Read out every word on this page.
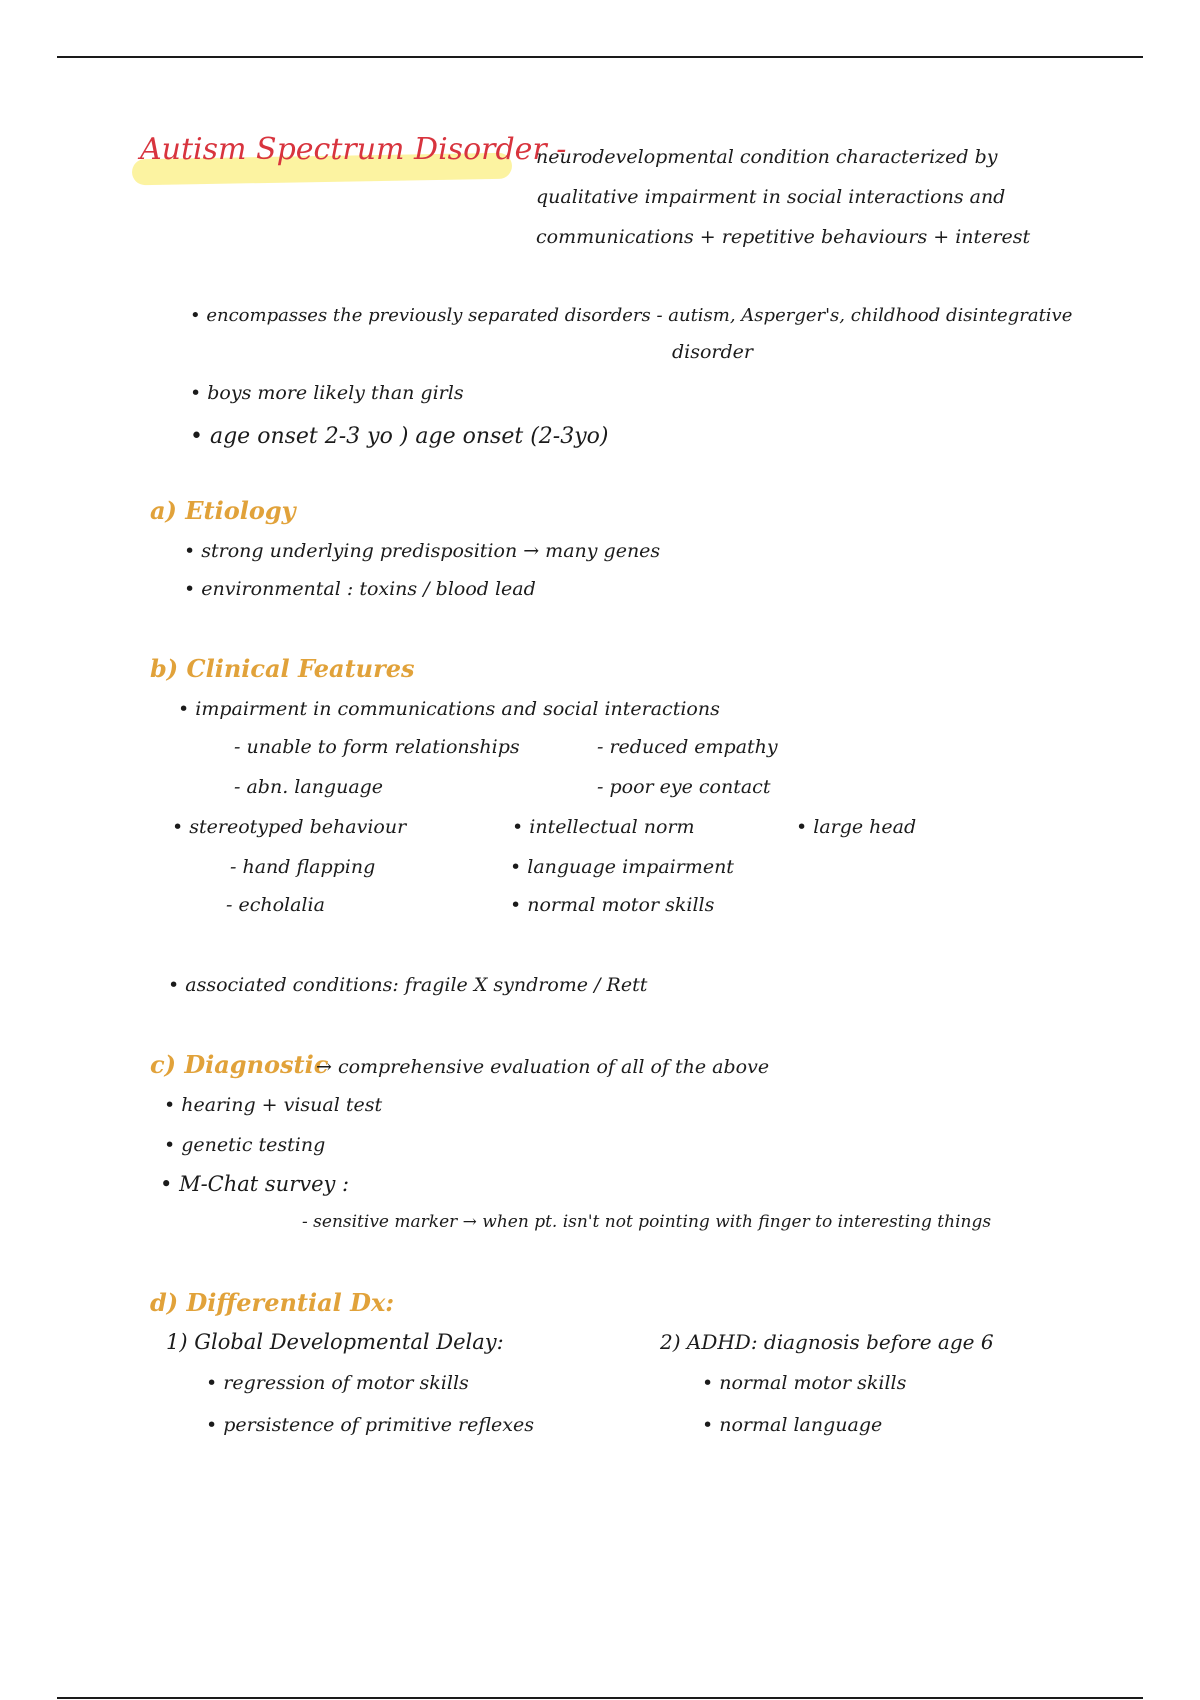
Autism Spectrum Disorder -
neurodevelopmental condition characterized by
qualitative impairment in social interactions and
communications + repetitive behaviours + interest
• encompasses the previously separated disorders - autism, Asperger's, childhood disintegrative
disorder
• boys more likely than girls
• age onset 2-3 yo ) age onset (2-3yo)
a) Etiology
• strong underlying predisposition → many genes
• environmental : toxins / blood lead
b) Clinical Features
• impairment in communications and social interactions
- unable to form relationships	- reduced empathy
- abn. language	- poor eye contact
• stereotyped behaviour	• intellectual norm	• large head
- hand flapping	• language impairment
- echolalia	• normal motor skills
• associated conditions: fragile X syndrome / Rett
c) Diagnostic
→ comprehensive evaluation of all of the above
• hearing + visual test
• genetic testing
• M-Chat survey :
- sensitive marker → when pt. isn't not pointing with finger to interesting things
d) Differential Dx:
1) Global Developmental Delay:
• regression of motor skills
• persistence of primitive reflexes
2) ADHD: diagnosis before age 6
• normal motor skills
• normal language
